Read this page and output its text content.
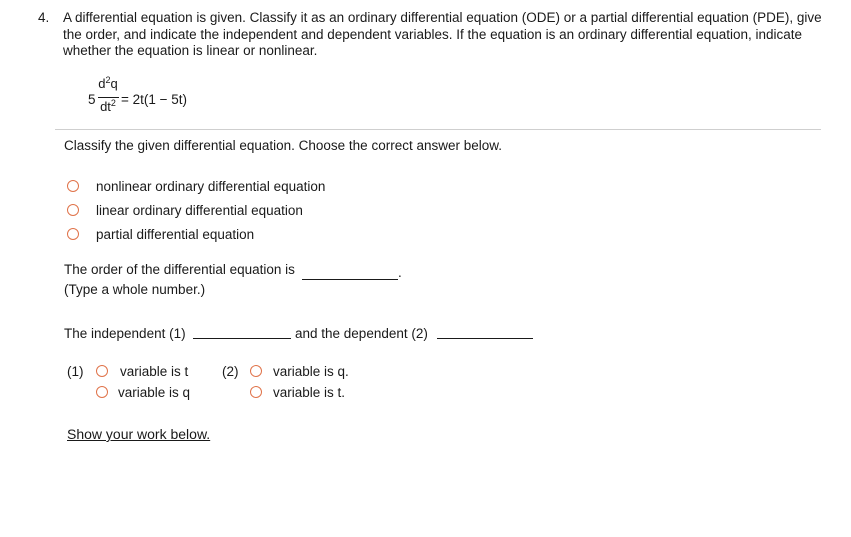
4. A differential equation is given. Classify it as an ordinary differential equation (ODE) or a partial differential equation (PDE), give the order, and indicate the independent and dependent variables. If the equation is an ordinary differential equation, indicate whether the equation is linear or nonlinear.
5
$d^2q$
$dt^2 = 2t(1 - 5t)$
Classify the given differential equation. Choose the correct answer below.
nonlinear ordinary differential equation
linear ordinary differential equation
partial differential equation
The order of the differential equation is	.
(Type a whole number.)
The independent (1)	and the dependent (2)
(1)	variable is t
variable is q
(2)	variable is q.
variable is t.
Show your work below.
